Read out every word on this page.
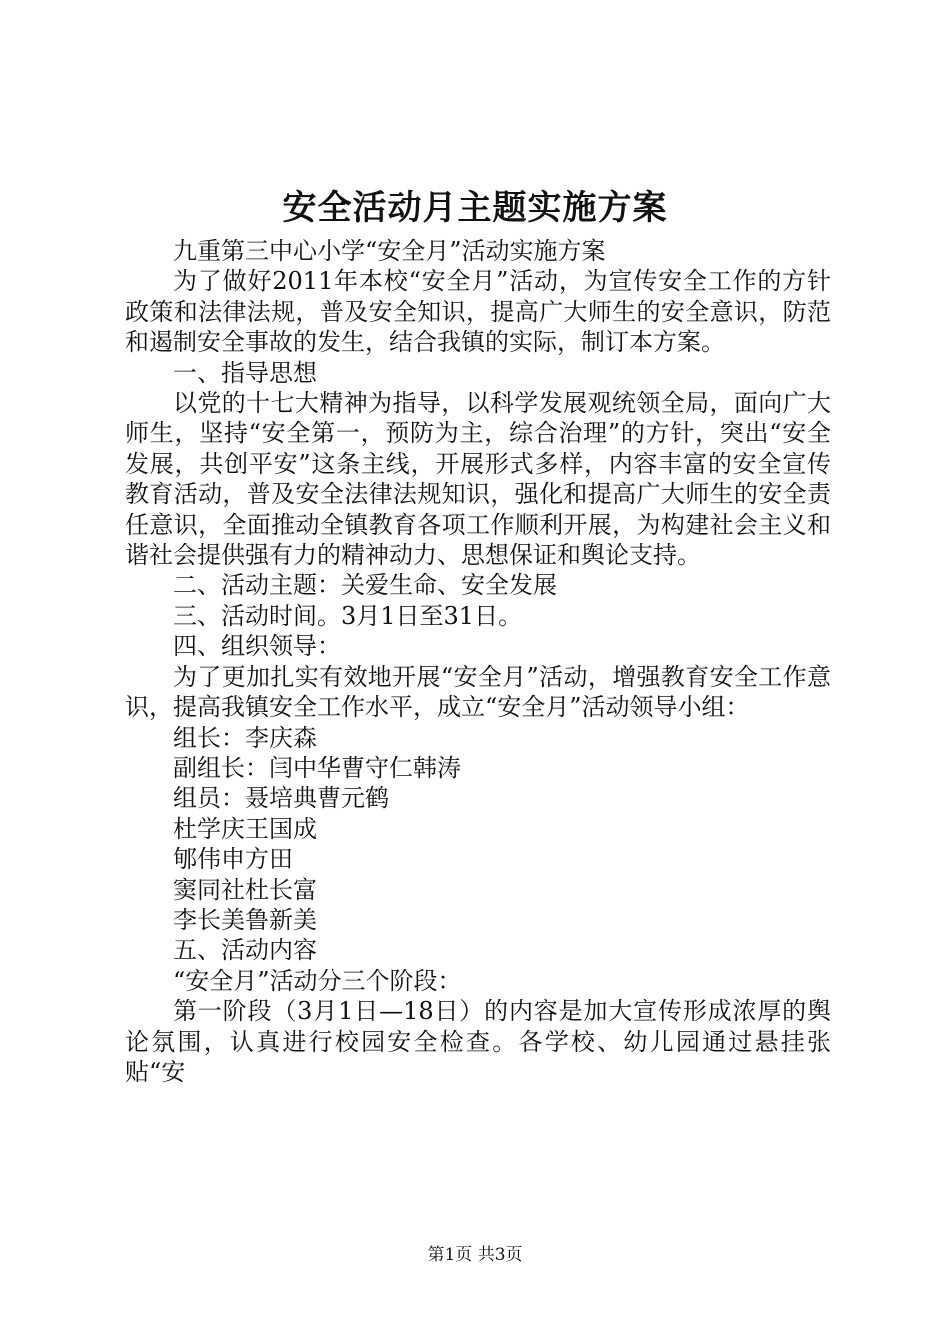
安全活动月主题实施方案

九重第三中心小学“安全月”活动实施方案

为了做好2011年本校“安全月”活动，为宣传安全工作的方针政策和法律法规，普及安全知识，提高广大师生的安全意识，防范和遏制安全事故的发生，结合我镇的实际，制订本方案。

一、指导思想

以党的十七大精神为指导，以科学发展观统领全局，面向广大师生，坚持“安全第一，预防为主，综合治理”的方针，突出“安全发展，共创平安”这条主线，开展形式多样，内容丰富的安全宣传教育活动，普及安全法律法规知识，强化和提高广大师生的安全责任意识，全面推动全镇教育各项工作顺利开展，为构建社会主义和谐社会提供强有力的精神动力、思想保证和舆论支持。

二、活动主题：关爱生命、安全发展

三、活动时间。3月1日至31日。

四、组织领导：

为了更加扎实有效地开展“安全月”活动，增强教育安全工作意识，提高我镇安全工作水平，成立“安全月”活动领导小组：

组长：李庆森

副组长：闫中华曹守仁韩涛

组员：聂培典曹元鹤

杜学庆王国成

郇伟申方田

窦同社杜长富

李长美鲁新美

五、活动内容

“安全月”活动分三个阶段：

第一阶段（3月1日—18日）的内容是加大宣传形成浓厚的舆论氛围，认真进行校园安全检查。各学校、幼儿园通过悬挂张贴“安

第1页 共3页
